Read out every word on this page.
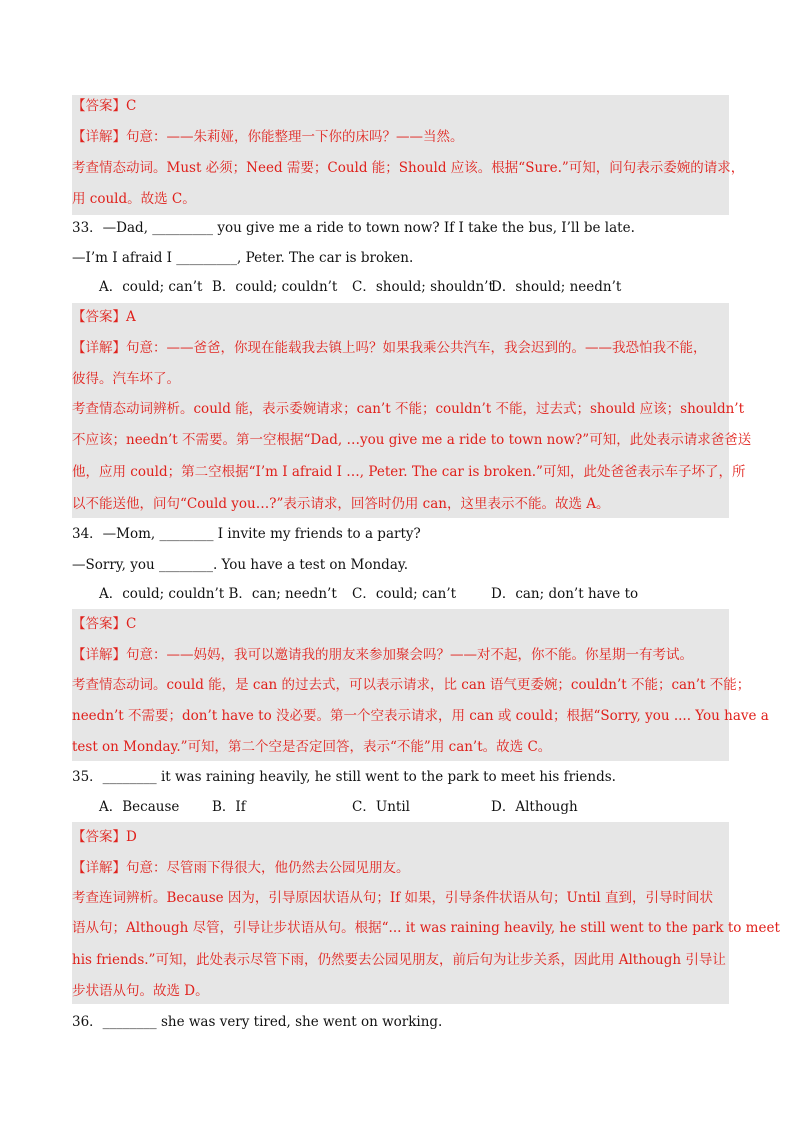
【答案】C
【详解】句意：——朱莉娅，你能整理一下你的床吗？——当然。
考查情态动词。Must 必须；Need 需要；Could 能；Should 应该。根据“Sure.”可知，问句表示委婉的请求，
用 could。故选 C。
33．—Dad, _________ you give me a ride to town now? If I take the bus, I’ll be late.
—I’m I afraid I _________, Peter. The car is broken.
A．could; can’t B．could; couldn’t C．should; shouldn’t
D．should; needn’t
【答案】A
【详解】句意：——爸爸，你现在能载我去镇上吗？如果我乘公共汽车，我会迟到的。——我恐怕我不能，
彼得。汽车坏了。
考查情态动词辨析。could 能，表示委婉请求；can’t 不能；couldn’t 不能，过去式；should 应该；shouldn’t
不应该；needn’t 不需要。第一空根据“Dad, …you give me a ride to town now?”可知，此处表示请求爸爸送
他，应用 could；第二空根据“I’m I afraid I …, Peter. The car is broken.”可知，此处爸爸表示车子坏了，所
以不能送他，问句“Could you…?”表示请求，回答时仍用 can，这里表示不能。故选 A。
34．—Mom, ________ I invite my friends to a party?
—Sorry, you ________. You have a test on Monday.
A．could; couldn’t B．can; needn’t C．could; can’t	D．can; don’t have to
【答案】C
【详解】句意：——妈妈，我可以邀请我的朋友来参加聚会吗？——对不起，你不能。你星期一有考试。
考查情态动词。could 能，是 can 的过去式，可以表示请求，比 can 语气更委婉；couldn’t 不能；can’t 不能；
needn’t 不需要；don’t have to 没必要。第一个空表示请求，用 can 或 could；根据“Sorry, you .... You have a
test on Monday.”可知，第二个空是否定回答，表示“不能”用 can’t。故选 C。
35．________ it was raining heavily, he still went to the park to meet his friends.
A．Because B．If	C．Until	D．Although
【答案】D
【详解】句意：尽管雨下得很大，他仍然去公园见朋友。
考查连词辨析。Because 因为，引导原因状语从句；If 如果，引导条件状语从句；Until 直到，引导时间状
语从句；Although 尽管，引导让步状语从句。根据“... it was raining heavily, he still went to the park to meet
his friends.”可知，此处表示尽管下雨，仍然要去公园见朋友，前后句为让步关系，因此用 Although 引导让
步状语从句。故选 D。
36．________ she was very tired, she went on working.
